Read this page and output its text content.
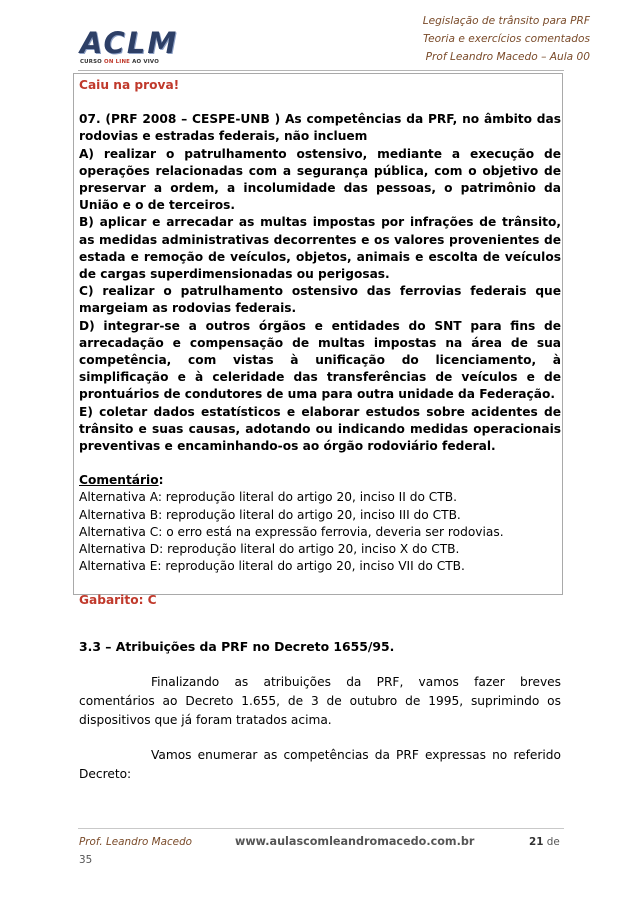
ACLM
CURSO ON LINE AO VIVO
Legislação de trânsito para PRF
Teoria e exercícios comentados
Prof Leandro Macedo – Aula 00
Caiu na prova!
07. (PRF 2008 – CESPE-UNB ) As competências da PRF, no âmbito das rodovias e estradas federais, não incluem
A) realizar o patrulhamento ostensivo, mediante a execução de operações relacionadas com a segurança pública, com o objetivo de preservar a ordem, a incolumidade das pessoas, o patrimônio da União e o de terceiros.
B) aplicar e arrecadar as multas impostas por infrações de trânsito, as medidas administrativas decorrentes e os valores provenientes de estada e remoção de veículos, objetos, animais e escolta de veículos de cargas superdimensionadas ou perigosas.
C) realizar o patrulhamento ostensivo das ferrovias federais que margeiam as rodovias federais.
D) integrar-se a outros órgãos e entidades do SNT para fins de arrecadação e compensação de multas impostas na área de sua competência, com vistas à unificação do licenciamento, à simplificação e à celeridade das transferências de veículos e de prontuários de condutores de uma para outra unidade da Federação.
E) coletar dados estatísticos e elaborar estudos sobre acidentes de trânsito e suas causas, adotando ou indicando medidas operacionais preventivas e encaminhando-os ao órgão rodoviário federal.
Comentário:
Alternativa A: reprodução literal do artigo 20, inciso II do CTB.
Alternativa B: reprodução literal do artigo 20, inciso III do CTB.
Alternativa C: o erro está na expressão ferrovia, deveria ser rodovias.
Alternativa D: reprodução literal do artigo 20, inciso X do CTB.
Alternativa E: reprodução literal do artigo 20, inciso VII do CTB.
Gabarito: C
3.3 – Atribuições da PRF no Decreto 1655/95.

Finalizando as atribuições da PRF, vamos fazer breves comentários ao Decreto 1.655, de 3 de outubro de 1995, suprimindo os dispositivos que já foram tratados acima.

Vamos enumerar as competências da PRF expressas no referido Decreto:

Prof. Leandro Macedo	www.aulascomleandromacedo.com.br	21 de
35
